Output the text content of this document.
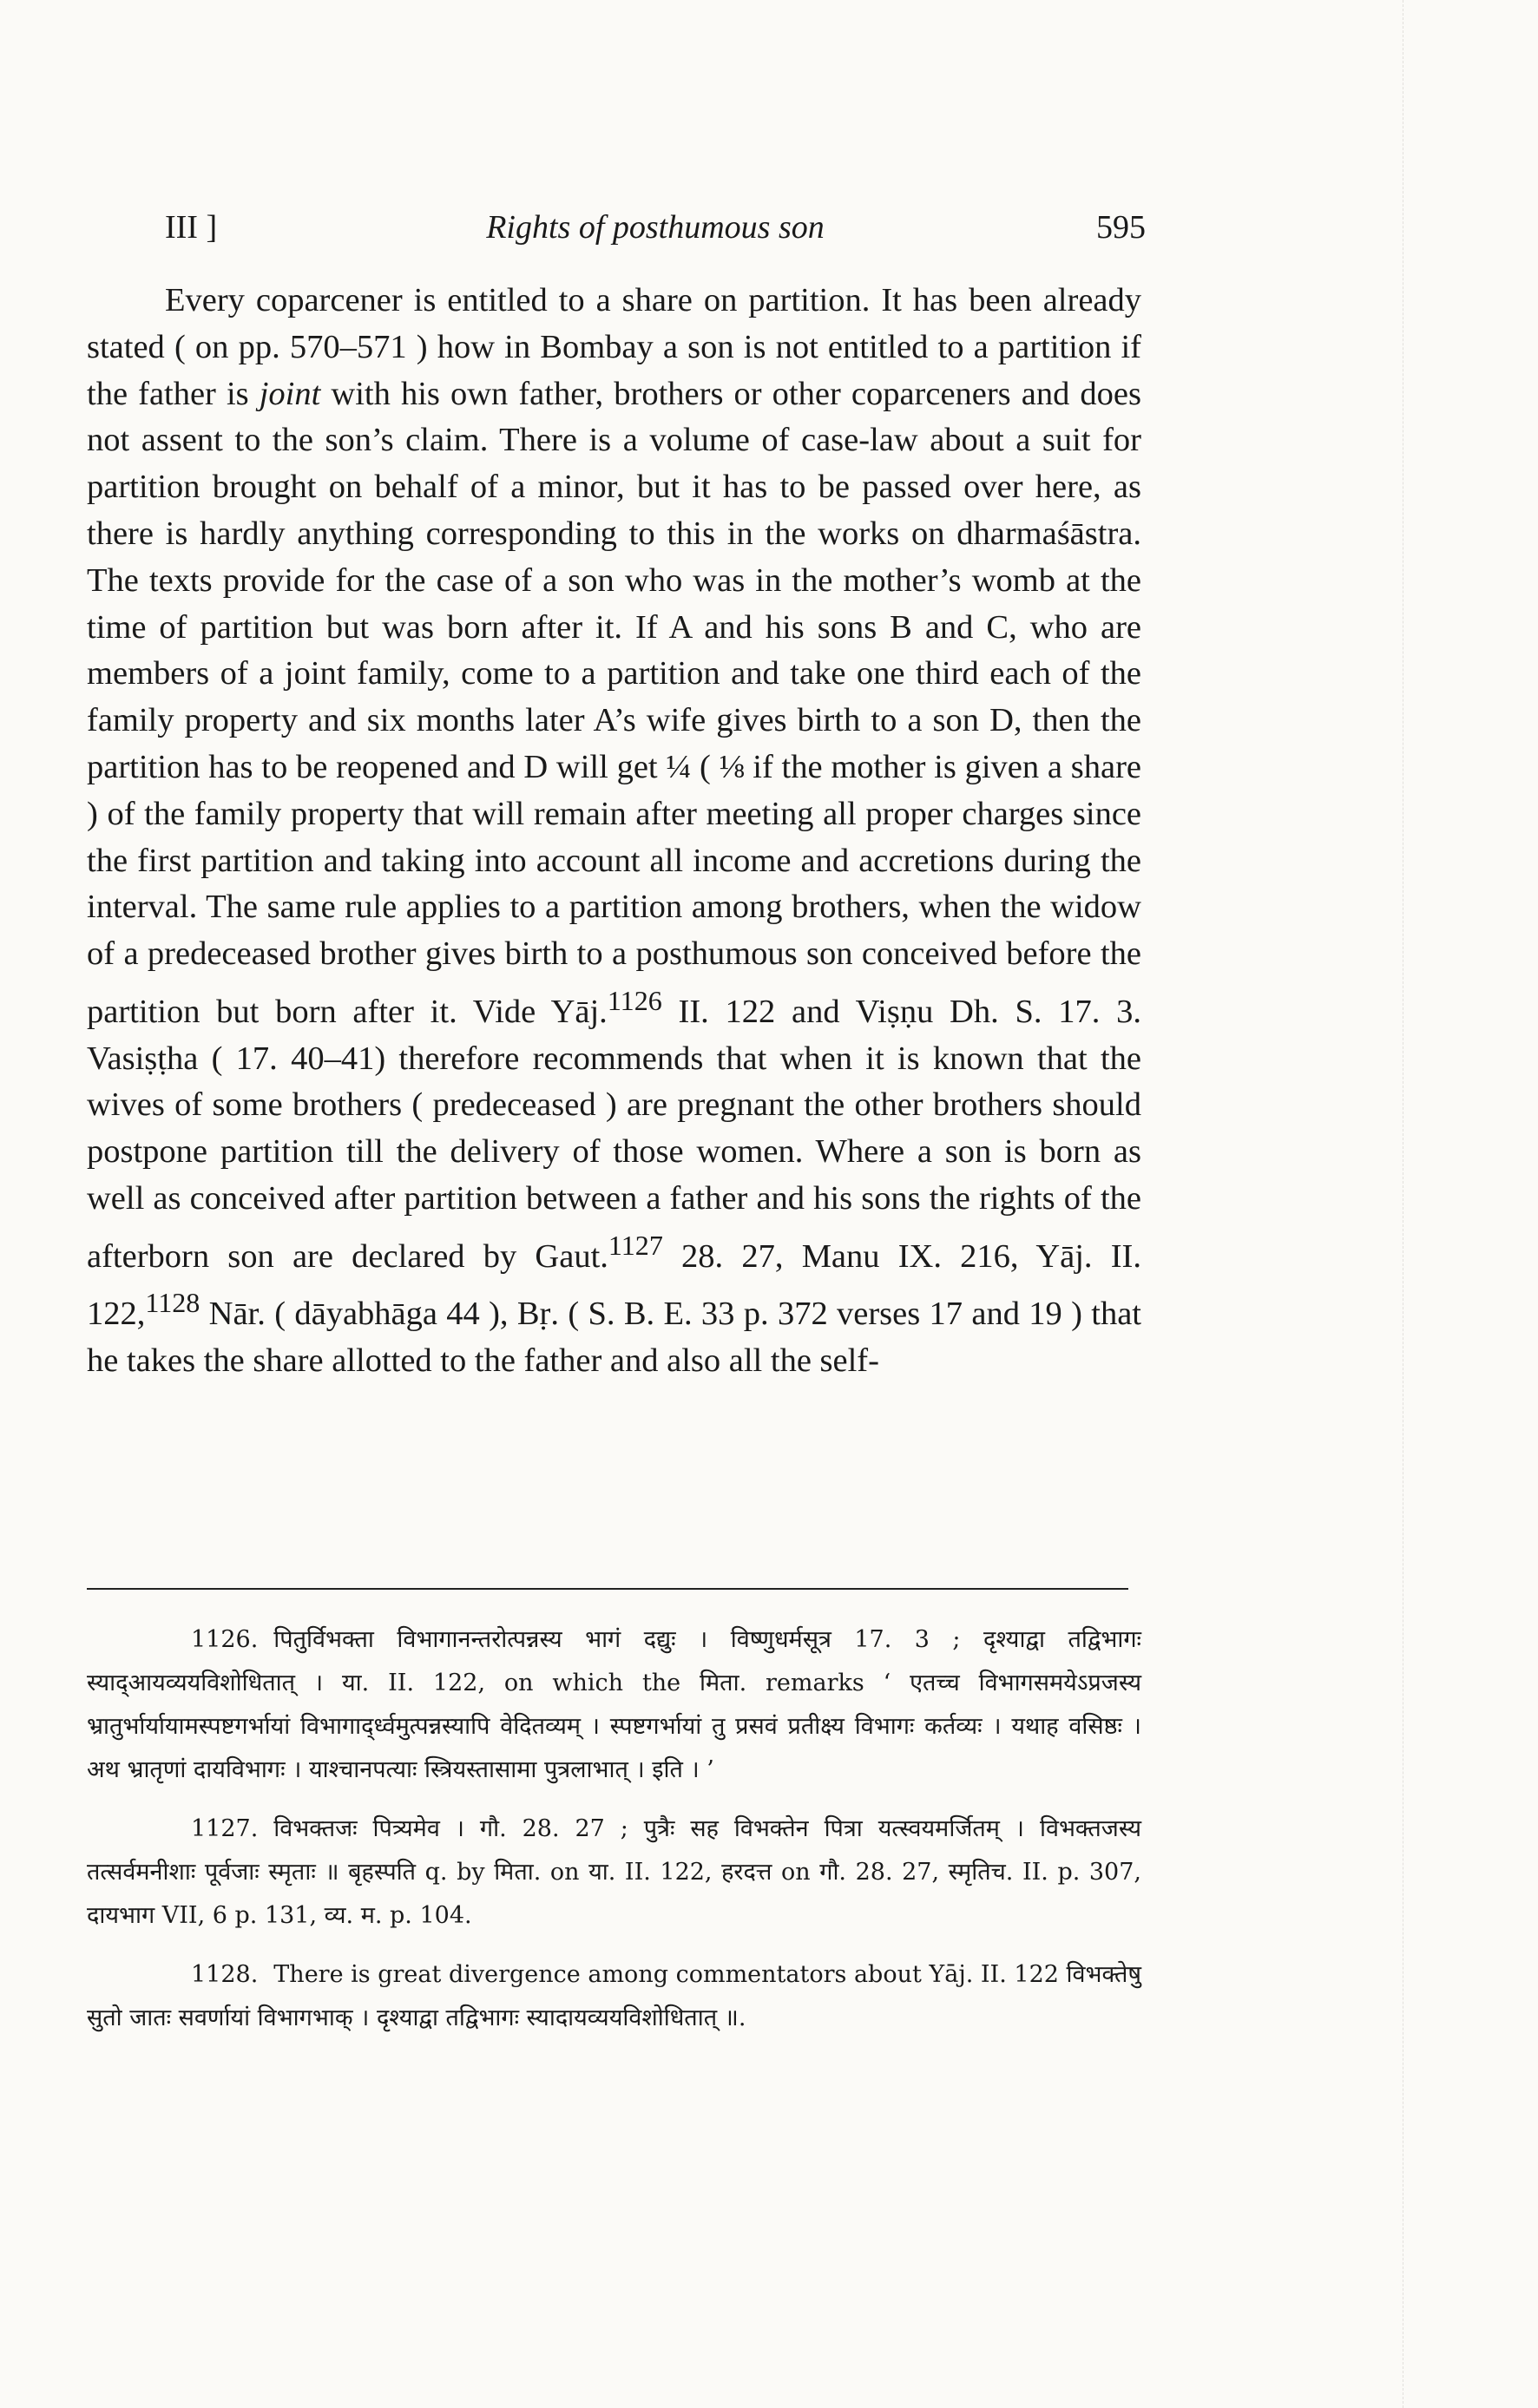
III ]	Rights of posthumous son	595
Every coparcener is entitled to a share on partition. It has been already stated ( on pp. 570–571 ) how in Bombay a son is not entitled to a partition if the father is joint with his own father, brothers or other coparceners and does not assent to the son’s claim. There is a volume of case-law about a suit for partition brought on behalf of a minor, but it has to be passed over here, as there is hardly anything corresponding to this in the works on dharmaśāstra. The texts provide for the case of a son who was in the mother’s womb at the time of partition but was born after it. If A and his sons B and C, who are members of a joint family, come to a partition and take one third each of the family property and six months later A’s wife gives birth to a son D, then the partition has to be reopened and D will get ¼ ( ⅛ if the mother is given a share ) of the family property that will remain after meeting all proper charges since the first partition and taking into account all income and accretions during the interval. The same rule applies to a partition among brothers, when the widow of a predeceased brother gives birth to a posthumous son conceived before the partition but born after it. Vide Yāj.$^{1126}$ II. 122 and Viṣṇu Dh. S. 17. 3. Vasiṣṭha ( 17. 40–41) therefore recommends that when it is known that the wives of some brothers ( predeceased ) are pregnant the other brothers should postpone partition till the delivery of those women. Where a son is born as well as conceived after partition between a father and his sons the rights of the afterborn son are declared by Gaut.$^{1127}$ 28. 27, Manu IX. 216, Yāj. II. 122,$^{1128}$ Nār. ( dāyabhāga 44 ), Bṛ. ( S. B. E. 33 p. 372 verses 17 and 19 ) that he takes the share allotted to the father and also all the self-

1126. पितुर्विभक्ता विभागानन्तरोत्पन्नस्य भागं दद्युः । विष्णुधर्मसूत्र 17. 3 ; दृश्याद्वा तद्विभागः स्याद्‌आयव्ययविशोधितात् । या. II. 122, on which the मिता. remarks ‘ एतच्च विभागसमयेऽप्रजस्य भ्रातुर्भार्यायामस्पष्टगर्भायां विभागाद्‌र्ध्वमुत्पन्नस्यापि वेदितव्यम् । स्पष्टगर्भायां तु प्रसवं प्रतीक्ष्य विभागः कर्तव्यः । यथाह वसिष्ठः । अथ भ्रातृणां दायविभागः । याश्चानपत्याः स्त्रियस्तासामा पुत्रलाभात् । इति । ’

1127. विभक्तजः पित्र्यमेव । गौ. 28. 27 ; पुत्रैः सह विभक्तेन पित्रा यत्स्वयमर्जितम् । विभक्तजस्य तत्सर्वमनीशाः पूर्वजाः स्मृताः ॥ बृहस्पति q. by मिता. on या. II. 122, हरदत्त on गौ. 28. 27, स्मृतिच. II. p. 307, दायभाग VII, 6 p. 131, व्य. म. p. 104.

1128. There is great divergence among commentators about Yāj. II. 122 विभक्तेषु सुतो जातः सवर्णायां विभागभाक् । दृश्याद्वा तद्विभागः स्यादायव्ययविशोधितात् ॥.
